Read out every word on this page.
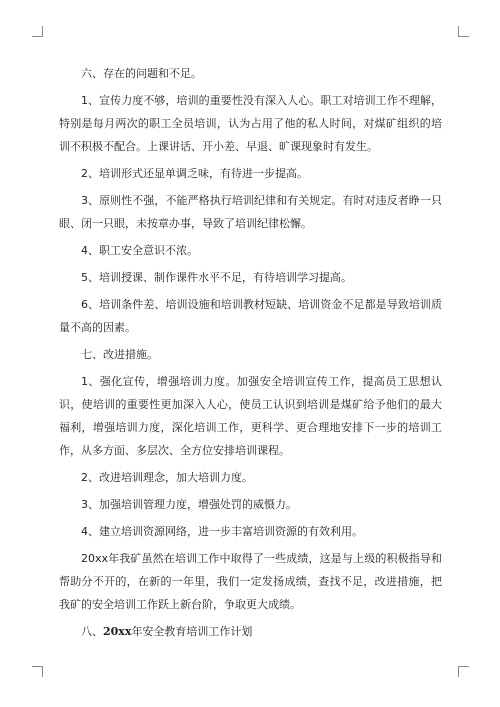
六、存在的问题和不足。

1、宣传力度不够，培训的重要性没有深入人心。职工对培训工作不理解，特别是每月两次的职工全员培训，认为占用了他的私人时间，对煤矿组织的培训不积极不配合。上课讲话、开小差、早退、旷课现象时有发生。

2、培训形式还显单调乏味，有待进一步提高。

3、原则性不强，不能严格执行培训纪律和有关规定。有时对违反者睁一只眼、闭一只眼，未按章办事，导致了培训纪律松懈。

4、职工安全意识不浓。

5、培训授课、制作课件水平不足，有待培训学习提高。

6、培训条件差、培训设施和培训教材短缺、培训资金不足都是导致培训质量不高的因素。

七、改进措施。

1、强化宣传，增强培训力度。加强安全培训宣传工作，提高员工思想认识，使培训的重要性更加深入人心，使员工认识到培训是煤矿给予他们的最大福利，增强培训力度，深化培训工作，更科学、更合理地安排下一步的培训工作，从多方面、多层次、全方位安排培训课程。

2、改进培训理念，加大培训力度。

3、加强培训管理力度，增强处罚的威慑力。

4、建立培训资源网络，进一步丰富培训资源的有效利用。

20xx年我矿虽然在培训工作中取得了一些成绩，这是与上级的积极指导和帮助分不开的，在新的一年里，我们一定发扬成绩，查找不足，改进措施，把我矿的安全培训工作跃上新台阶，争取更大成绩。

八、20xx年安全教育培训工作计划
